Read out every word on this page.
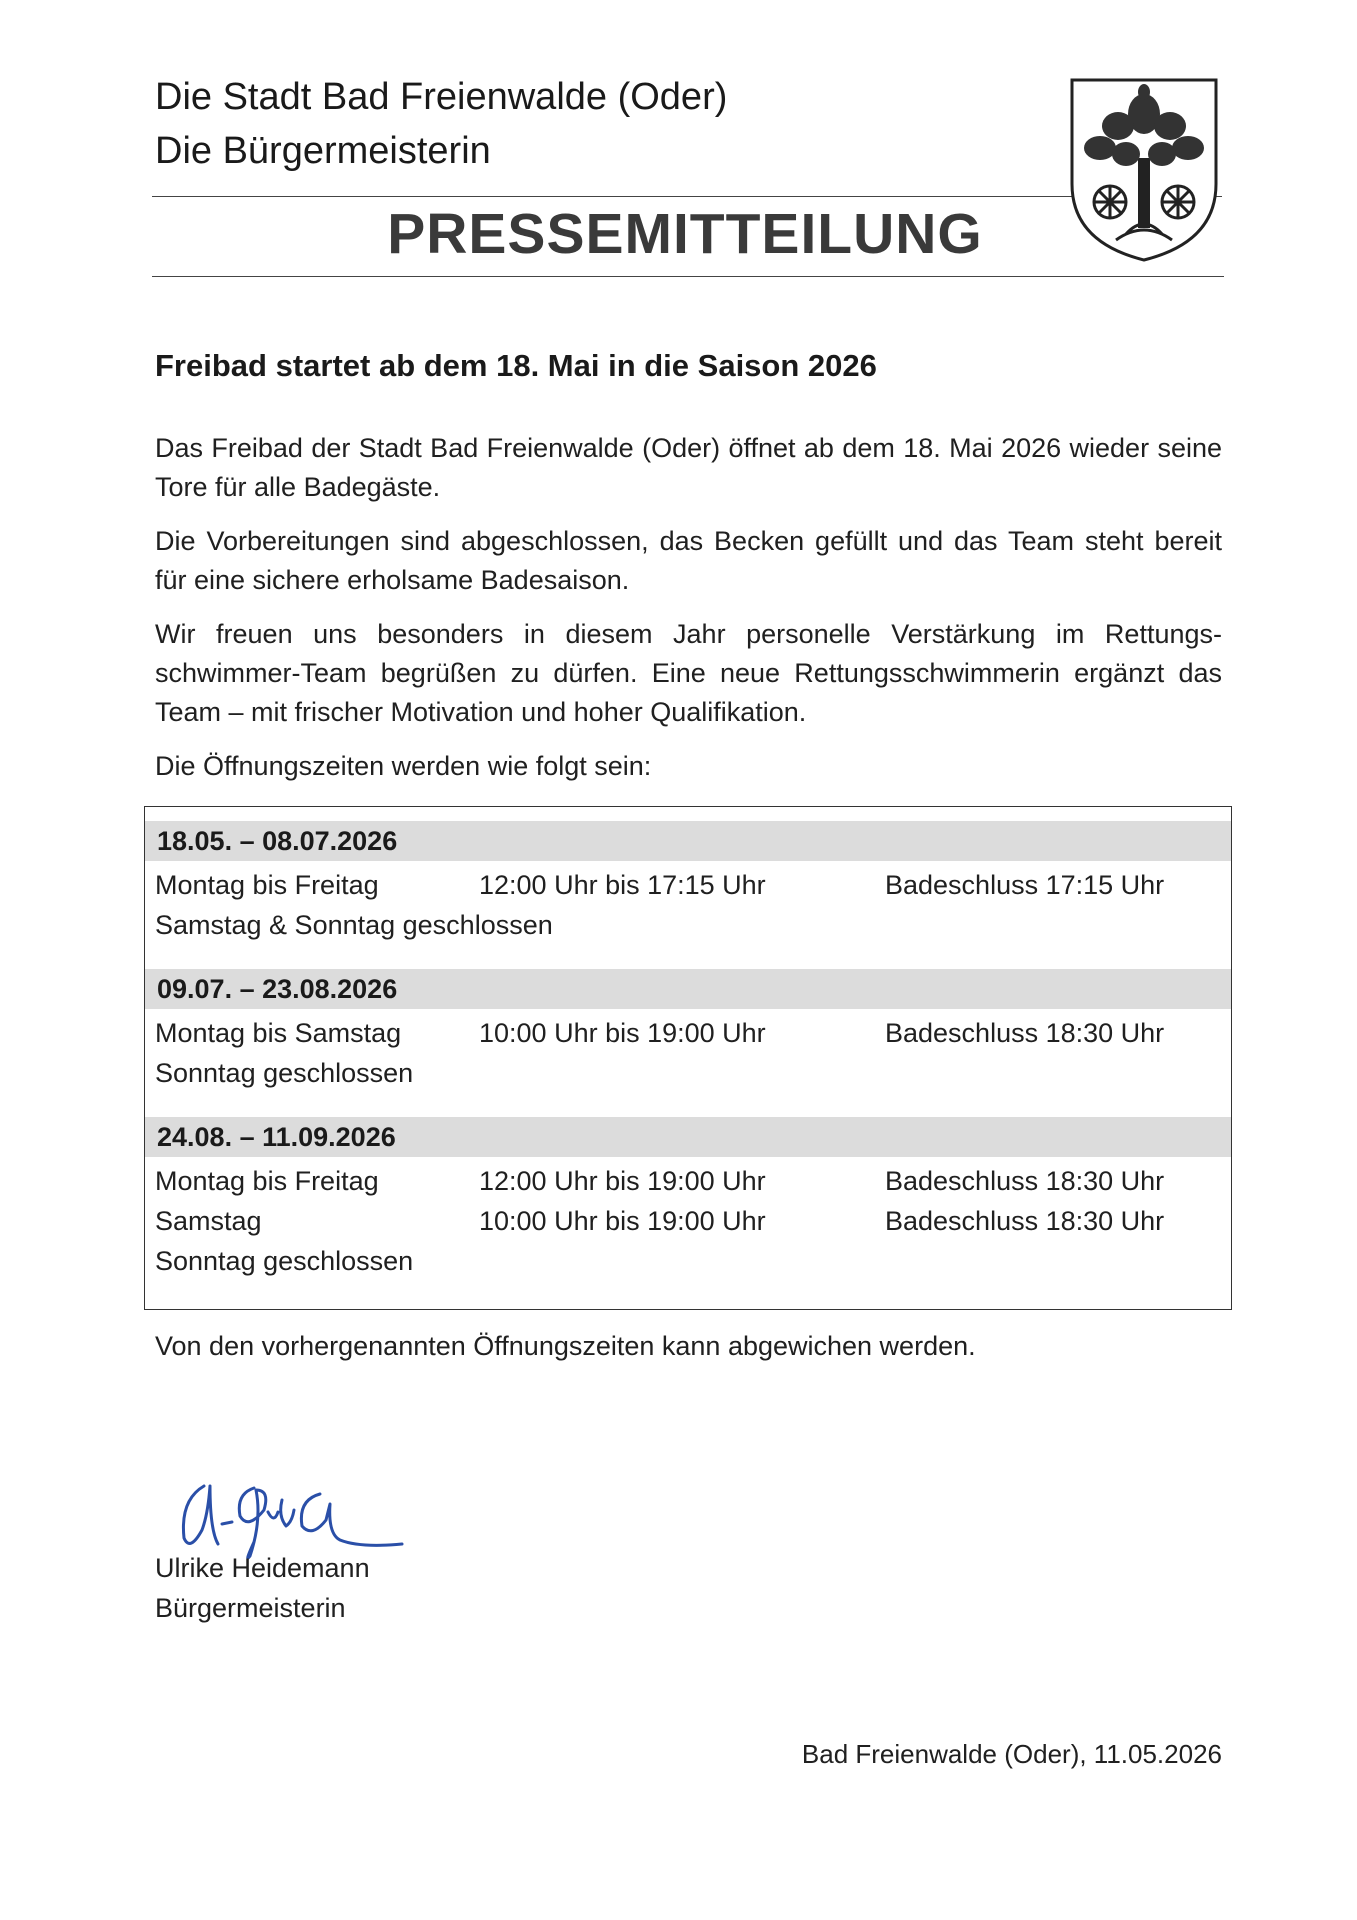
Die Stadt Bad Freienwalde (Oder)
Die Bürgermeisterin
PRESSEMITTEILUNG
Freibad startet ab dem 18. Mai in die Saison 2026
Das Freibad der Stadt Bad Freienwalde (Oder) öffnet ab dem 18. Mai 2026 wieder seine Tore für alle Badegäste.
Die Vorbereitungen sind abgeschlossen, das Becken gefüllt und das Team steht bereit für eine sichere erholsame Badesaison.
Wir freuen uns besonders in diesem Jahr personelle Verstärkung im Rettungs-schwimmer-Team begrüßen zu dürfen. Eine neue Rettungsschwimmerin ergänzt das Team – mit frischer Motivation und hoher Qualifikation.
Die Öffnungszeiten werden wie folgt sein:
18.05. – 08.07.2026
Montag bis Freitag	12:00 Uhr bis 17:15 Uhr	Badeschluss 17:15 Uhr
Samstag & Sonntag geschlossen
09.07. – 23.08.2026
Montag bis Samstag	10:00 Uhr bis 19:00 Uhr	Badeschluss 18:30 Uhr
Sonntag geschlossen
24.08. – 11.09.2026
Montag bis Freitag	12:00 Uhr bis 19:00 Uhr	Badeschluss 18:30 Uhr
Samstag	10:00 Uhr bis 19:00 Uhr	Badeschluss 18:30 Uhr
Sonntag geschlossen
Von den vorhergenannten Öffnungszeiten kann abgewichen werden.
Ulrike Heidemann
Bürgermeisterin
Bad Freienwalde (Oder), 11.05.2026
